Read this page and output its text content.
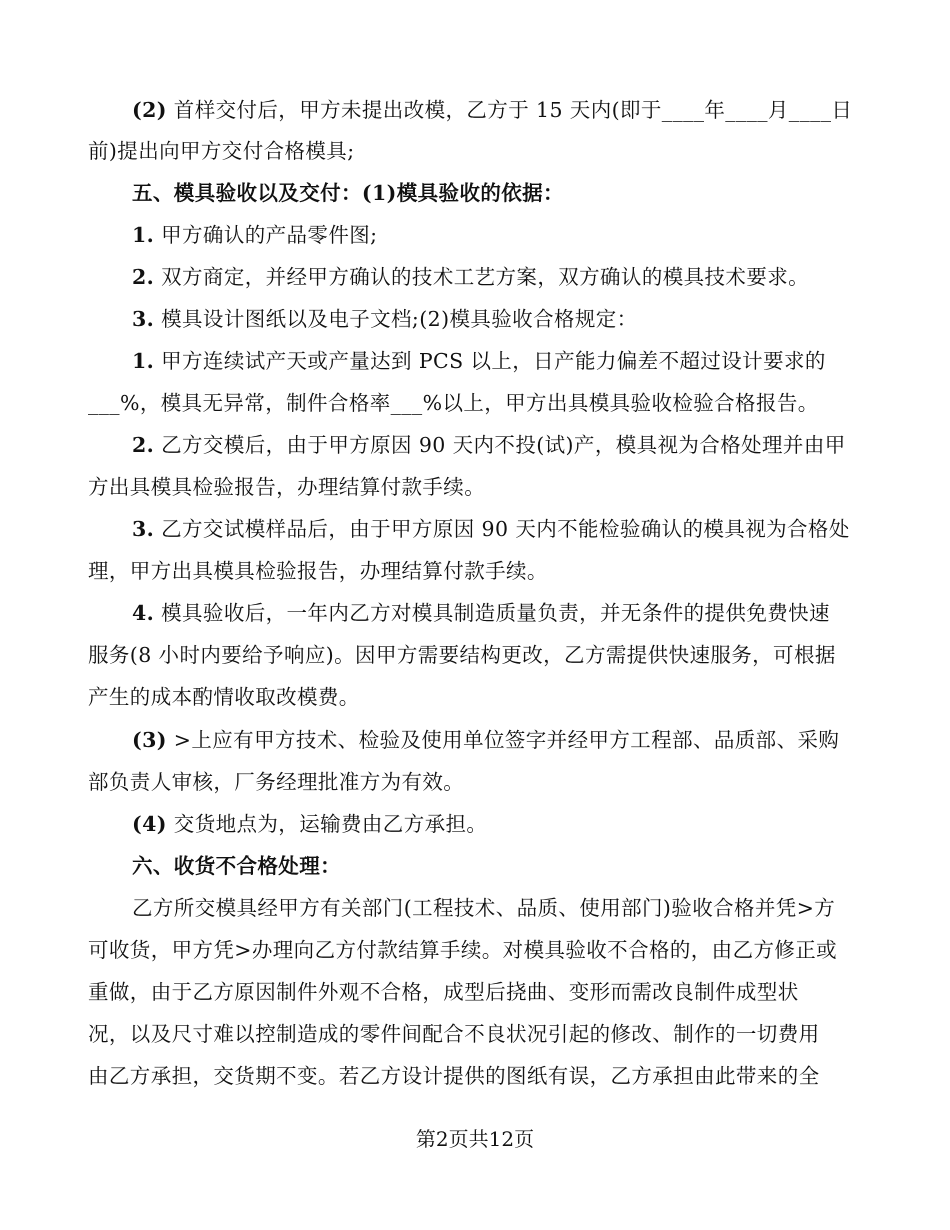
(2) 首样交付后，甲方未提出改模，乙方于 15 天内(即于____年____月____日
前)提出向甲方交付合格模具;
五、模具验收以及交付：(1)模具验收的依据：
1. 甲方确认的产品零件图;
2. 双方商定，并经甲方确认的技术工艺方案，双方确认的模具技术要求。
3. 模具设计图纸以及电子文档;(2)模具验收合格规定：
1. 甲方连续试产天或产量达到 PCS 以上，日产能力偏差不超过设计要求的
___%，模具无异常，制件合格率___%以上，甲方出具模具验收检验合格报告。
2. 乙方交模后，由于甲方原因 90 天内不投(试)产，模具视为合格处理并由甲
方出具模具检验报告，办理结算付款手续。
3. 乙方交试模样品后，由于甲方原因 90 天内不能检验确认的模具视为合格处
理，甲方出具模具检验报告，办理结算付款手续。
4. 模具验收后，一年内乙方对模具制造质量负责，并无条件的提供免费快速
服务(8 小时内要给予响应)。因甲方需要结构更改，乙方需提供快速服务，可根据
产生的成本酌情收取改模费。
(3) >上应有甲方技术、检验及使用单位签字并经甲方工程部、品质部、采购
部负责人审核，厂务经理批准方为有效。
(4) 交货地点为，运输费由乙方承担。
六、收货不合格处理：
乙方所交模具经甲方有关部门(工程技术、品质、使用部门)验收合格并凭>方
可收货，甲方凭>办理向乙方付款结算手续。对模具验收不合格的，由乙方修正或
重做，由于乙方原因制件外观不合格，成型后挠曲、变形而需改良制件成型状
况，以及尺寸难以控制造成的零件间配合不良状况引起的修改、制作的一切费用
由乙方承担，交货期不变。若乙方设计提供的图纸有误，乙方承担由此带来的全
第2页共12页
